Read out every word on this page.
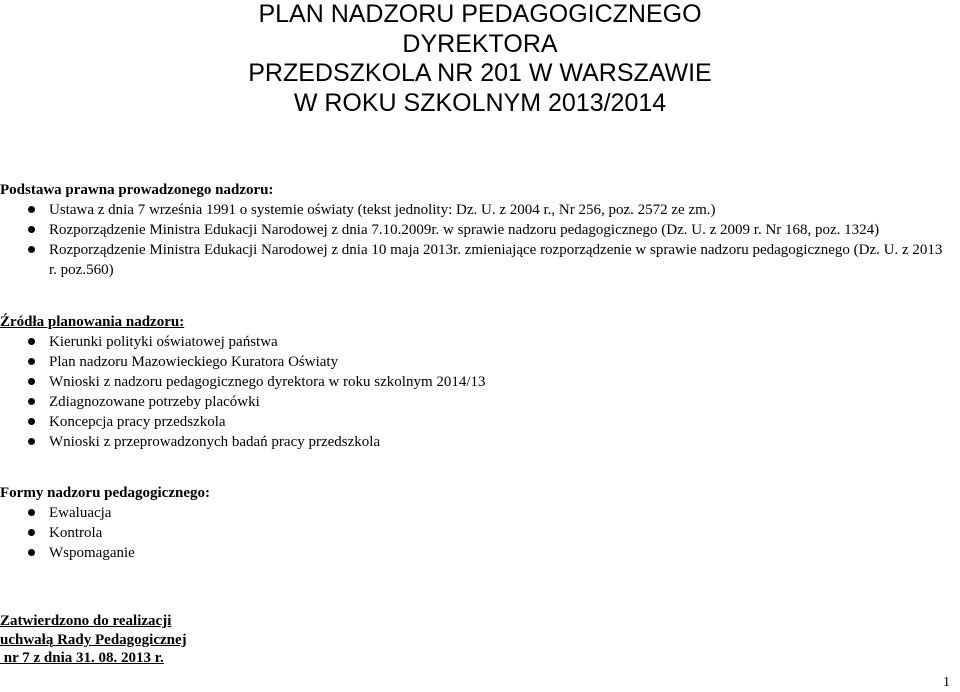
PLAN NADZORU PEDAGOGICZNEGO
DYREKTORA
PRZEDSZKOLA NR 201 W WARSZAWIE
W ROKU SZKOLNYM 2013/2014
Podstawa prawna prowadzonego nadzoru:
Ustawa z dnia 7 września 1991 o systemie oświaty (tekst jednolity: Dz. U. z 2004 r., Nr 256, poz. 2572 ze zm.)
Rozporządzenie Ministra Edukacji Narodowej z dnia 7.10.2009r. w sprawie nadzoru pedagogicznego (Dz. U. z 2009 r. Nr 168, poz. 1324)
Rozporządzenie Ministra Edukacji Narodowej z dnia 10 maja 2013r. zmieniające rozporządzenie w sprawie nadzoru pedagogicznego (Dz. U. z 2013 r. poz.560)
Źródła planowania nadzoru:
Kierunki polityki oświatowej państwa
Plan nadzoru Mazowieckiego Kuratora Oświaty
Wnioski z nadzoru pedagogicznego dyrektora w roku szkolnym 2014/13
Zdiagnozowane potrzeby placówki
Koncepcja pracy przedszkola
Wnioski z przeprowadzonych badań pracy przedszkola
Formy nadzoru pedagogicznego:
Ewaluacja
Kontrola
Wspomaganie
Zatwierdzono do realizacji
uchwałą Rady Pedagogicznej
nr 7 z dnia 31. 08. 2013 r.
1
